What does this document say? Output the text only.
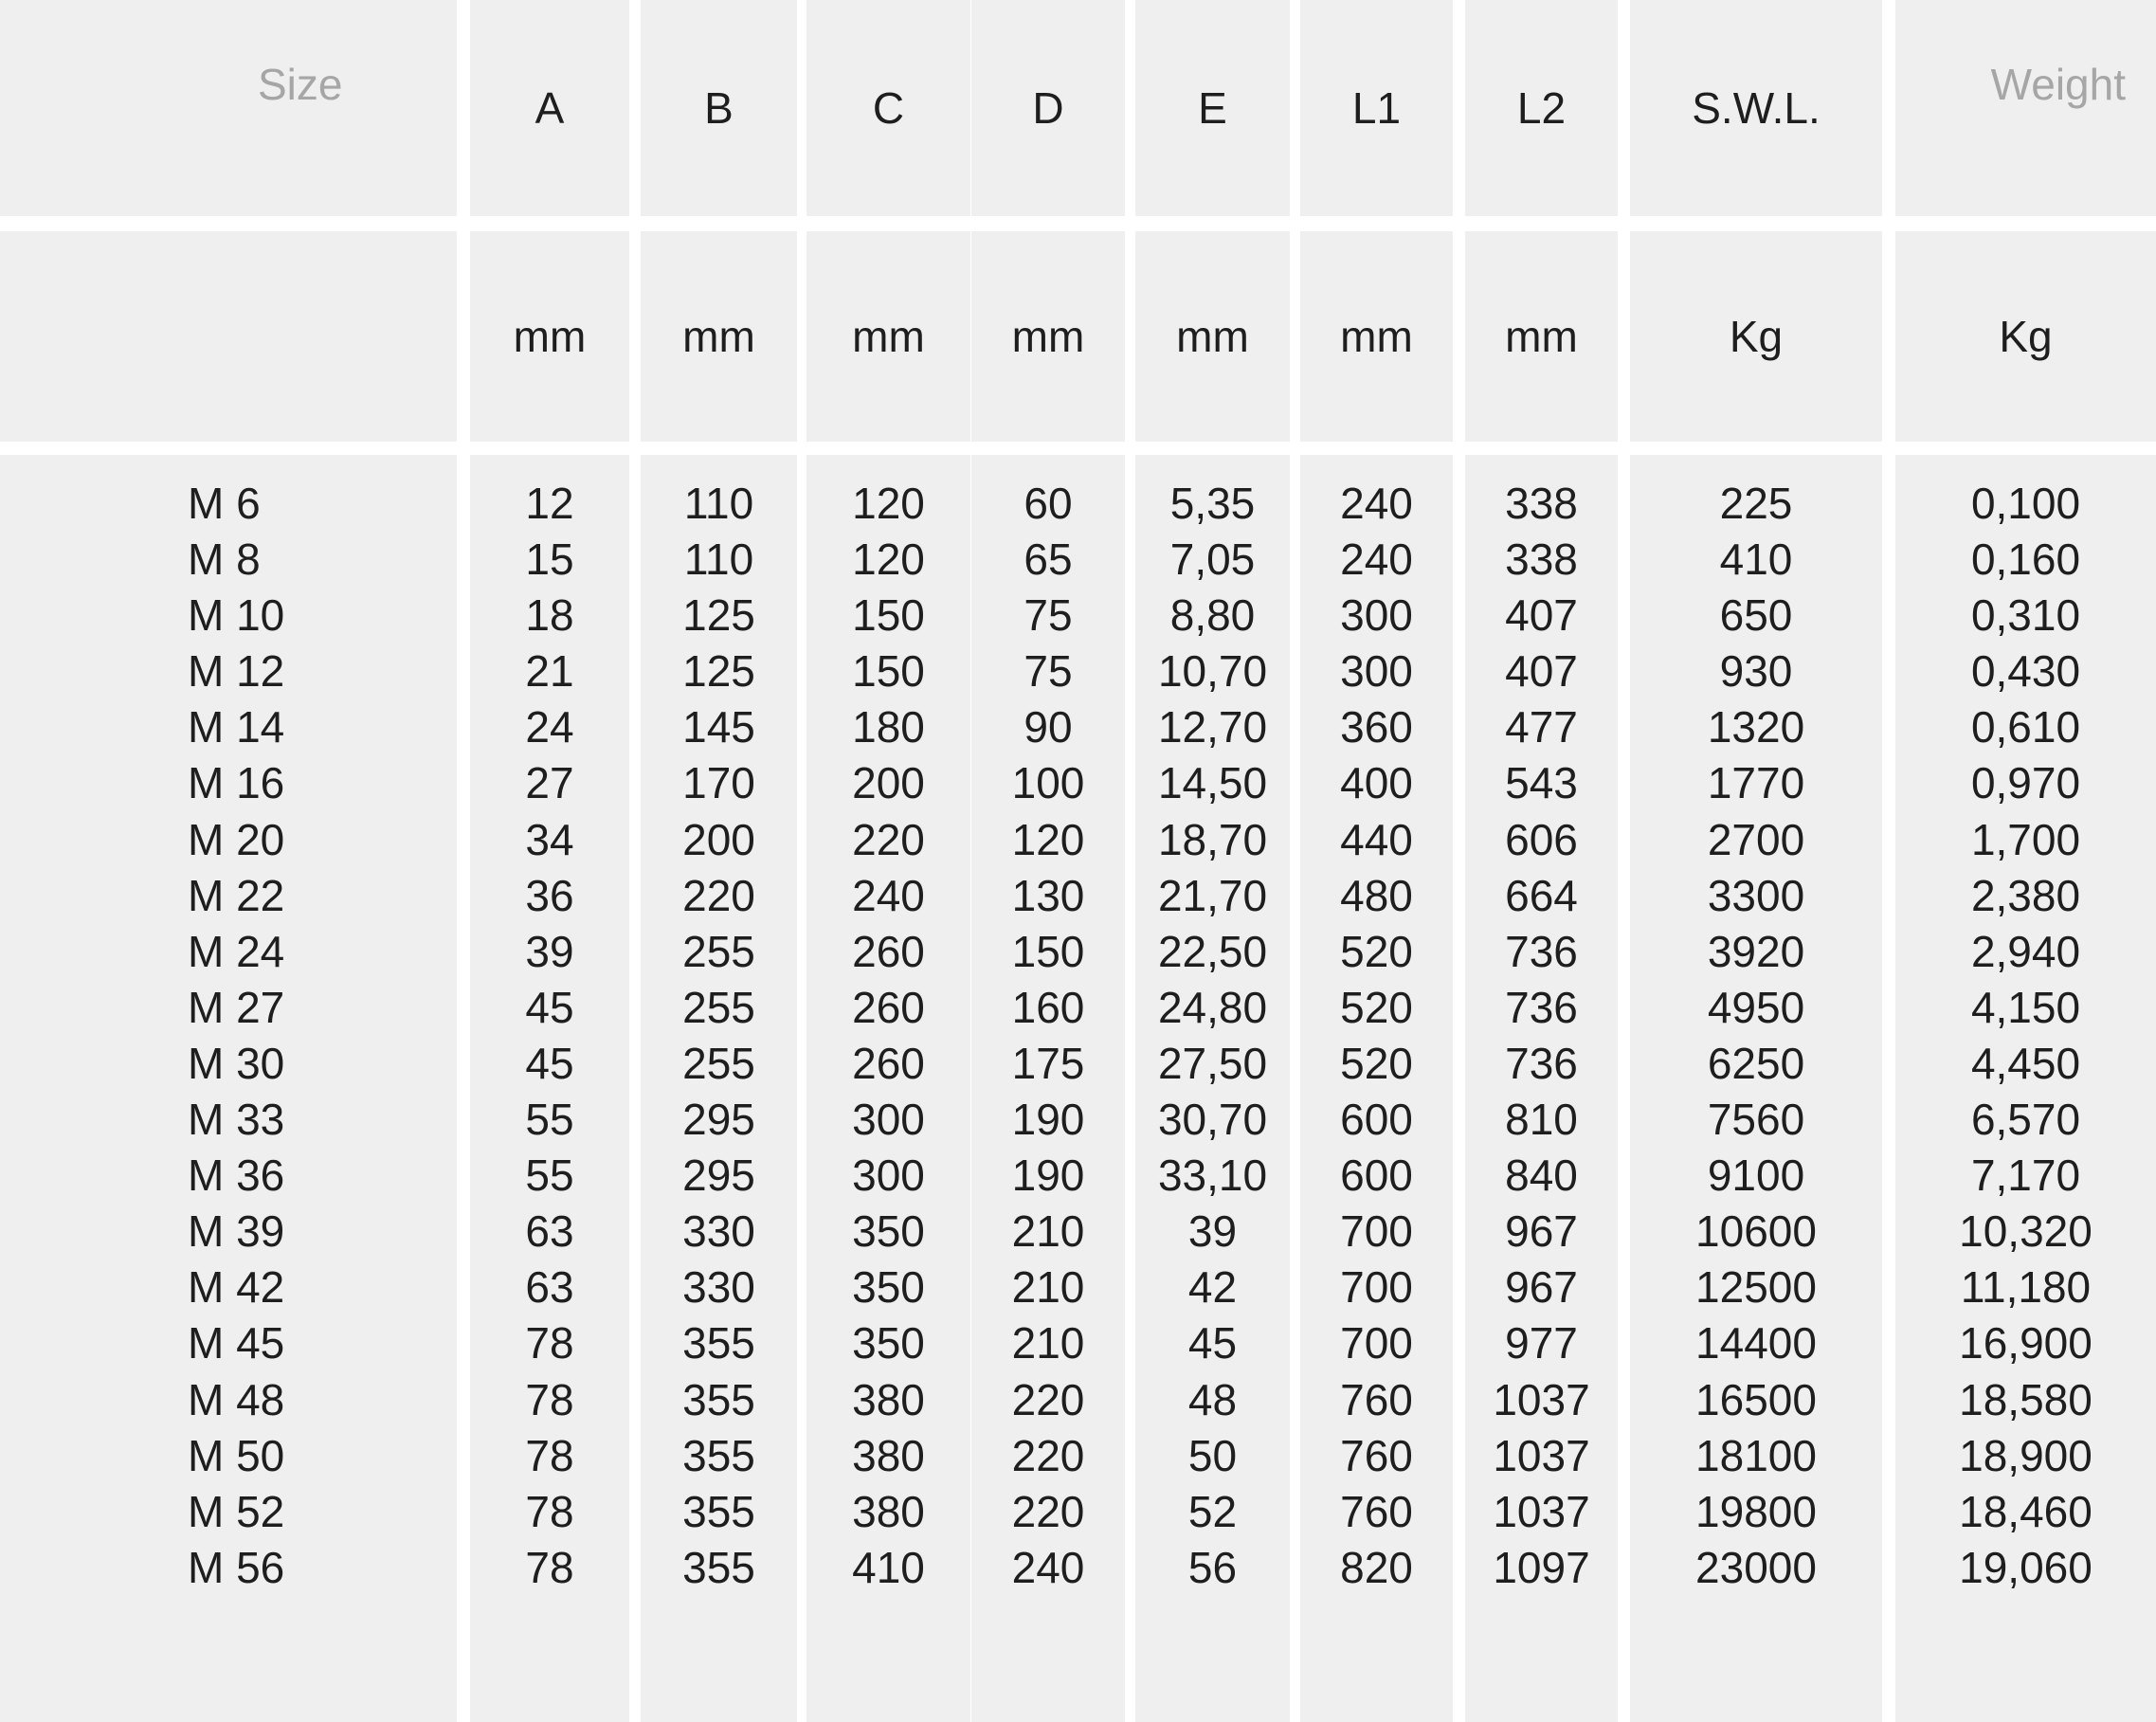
Size
M 6
M 8
M 10
M 12
M 14
M 16
M 20
M 22
M 24
M 27
M 30
M 33
M 36
M 39
M 42
M 45
M 48
M 50
M 52
M 56
A
mm
12
15
18
21
24
27
34
36
39
45
45
55
55
63
63
78
78
78
78
78
B
mm
110
110
125
125
145
170
200
220
255
255
255
295
295
330
330
355
355
355
355
355
C
mm
120
120
150
150
180
200
220
240
260
260
260
300
300
350
350
350
380
380
380
410
D
mm
60
65
75
75
90
100
120
130
150
160
175
190
190
210
210
210
220
220
220
240
E
mm
5,35
7,05
8,80
10,70
12,70
14,50
18,70
21,70
22,50
24,80
27,50
30,70
33,10
39
42
45
48
50
52
56
L1
mm
240
240
300
300
360
400
440
480
520
520
520
600
600
700
700
700
760
760
760
820
L2
mm
338
338
407
407
477
543
606
664
736
736
736
810
840
967
967
977
1037
1037
1037
1097
S.W.L.
Kg
225
410
650
930
1320
1770
2700
3300
3920
4950
6250
7560
9100
10600
12500
14400
16500
18100
19800
23000
Weight
Kg
0,100
0,160
0,310
0,430
0,610
0,970
1,700
2,380
2,940
4,150
4,450
6,570
7,170
10,320
11,180
16,900
18,580
18,900
18,460
19,060
